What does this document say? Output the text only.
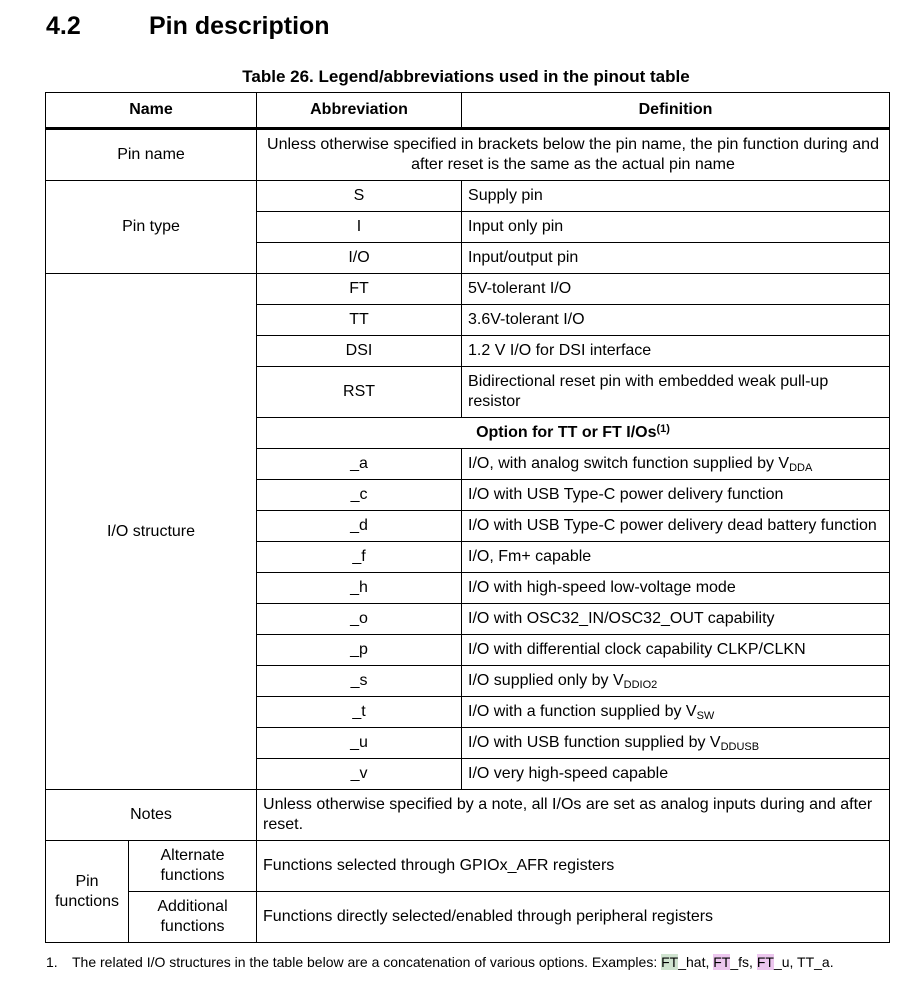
4.2	Pin description
Table 26. Legend/abbreviations used in the pinout table
Name		Abbreviation	Definition
Pin name		Unless otherwise specified in brackets below the pin name, the pin function during and after reset is the same as the actual pin name	
Pin type		S	Supply pin
		I	Input only pin
		I/O	Input/output pin
I/O structure		FT	5V-tolerant I/O
		TT	3.6V-tolerant I/O
		DSI	1.2 V I/O for DSI interface
		RST	Bidirectional reset pin with embedded weak pull-up resistor
		Option for TT or FT I/Os$^{(1)}$
		_a	I/O, with analog switch function supplied by $V_{DDA}$
		_c	I/O with USB Type-C power delivery function
		_d	I/O with USB Type-C power delivery dead battery function
		_f	I/O, Fm+ capable
		_h	I/O with high-speed low-voltage mode
		_o	I/O with OSC32_IN/OSC32_OUT capability
		_p	I/O with differential clock capability CLKP/CLKN
		_s	I/O supplied only by $V_{DDIO2}$
		_t	I/O with a function supplied by $V_{SW}$
		_u	I/O with USB function supplied by $V_{DDUSB}$
		_v	I/O very high-speed capable
Notes		Unless otherwise specified by a note, all I/Os are set as analog inputs during and after reset.	
Pin functions	Alternate functions	Functions selected through GPIOx_AFR registers	
	Additional functions	Functions directly selected/enabled through peripheral registers	
1. The related I/O structures in the table below are a concatenation of various options. Examples: FT_hat, FT_fs, FT_u, TT_a.
